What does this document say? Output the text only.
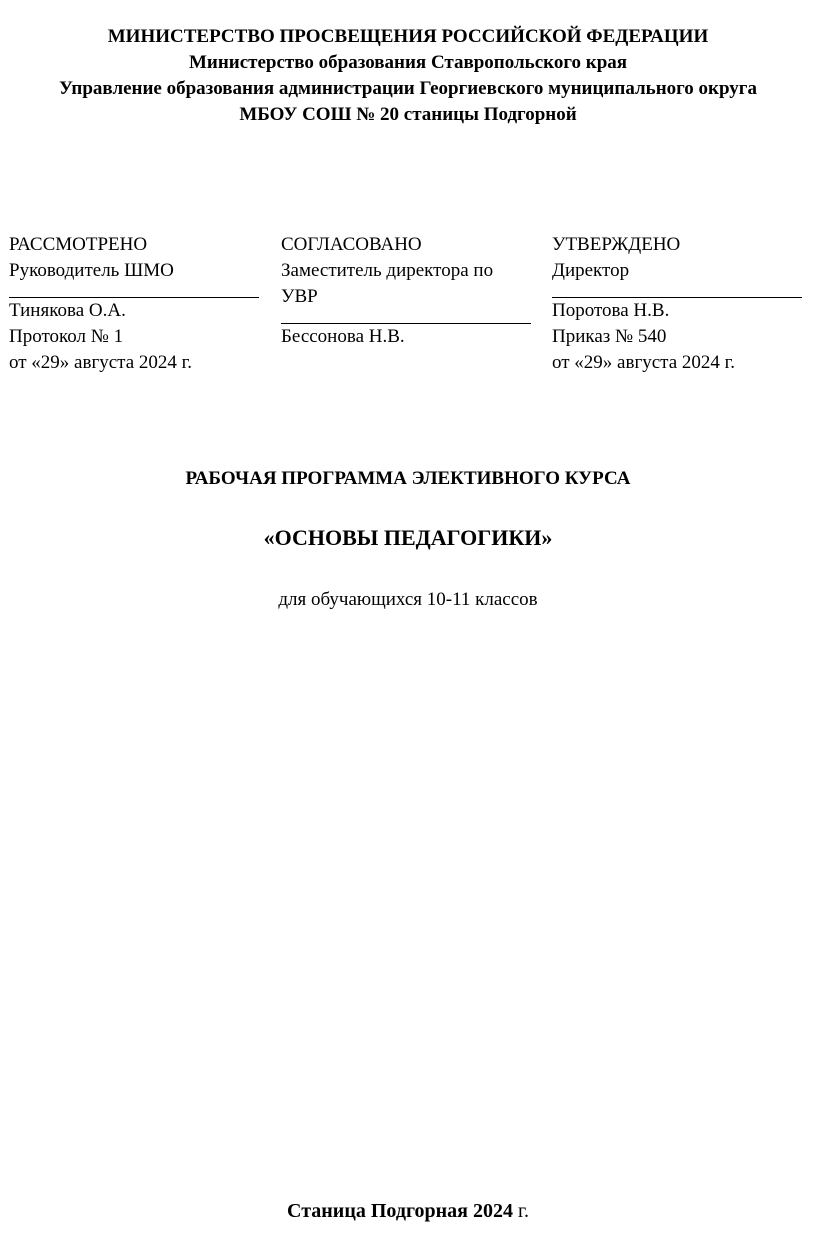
МИНИСТЕРСТВО ПРОСВЕЩЕНИЯ РОССИЙСКОЙ ФЕДЕРАЦИИ
Министерство образования Ставропольского края
Управление образования администрации Георгиевского муниципального округа
МБОУ СОШ № 20 станицы Подгорной
РАССМОТРЕНО
Руководитель ШМО
Тинякова О.А.
Протокол № 1
от «29» августа 2024 г.
СОГЛАСОВАНО
Заместитель директора по
УВР
Бессонова Н.В.
УТВЕРЖДЕНО
Директор
Поротова Н.В.
Приказ № 540
от «29» августа 2024 г.
РАБОЧАЯ ПРОГРАММА ЭЛЕКТИВНОГО КУРСА
«ОСНОВЫ ПЕДАГОГИКИ»
для обучающихся 10-11 классов
Станица Подгорная 2024 г.
